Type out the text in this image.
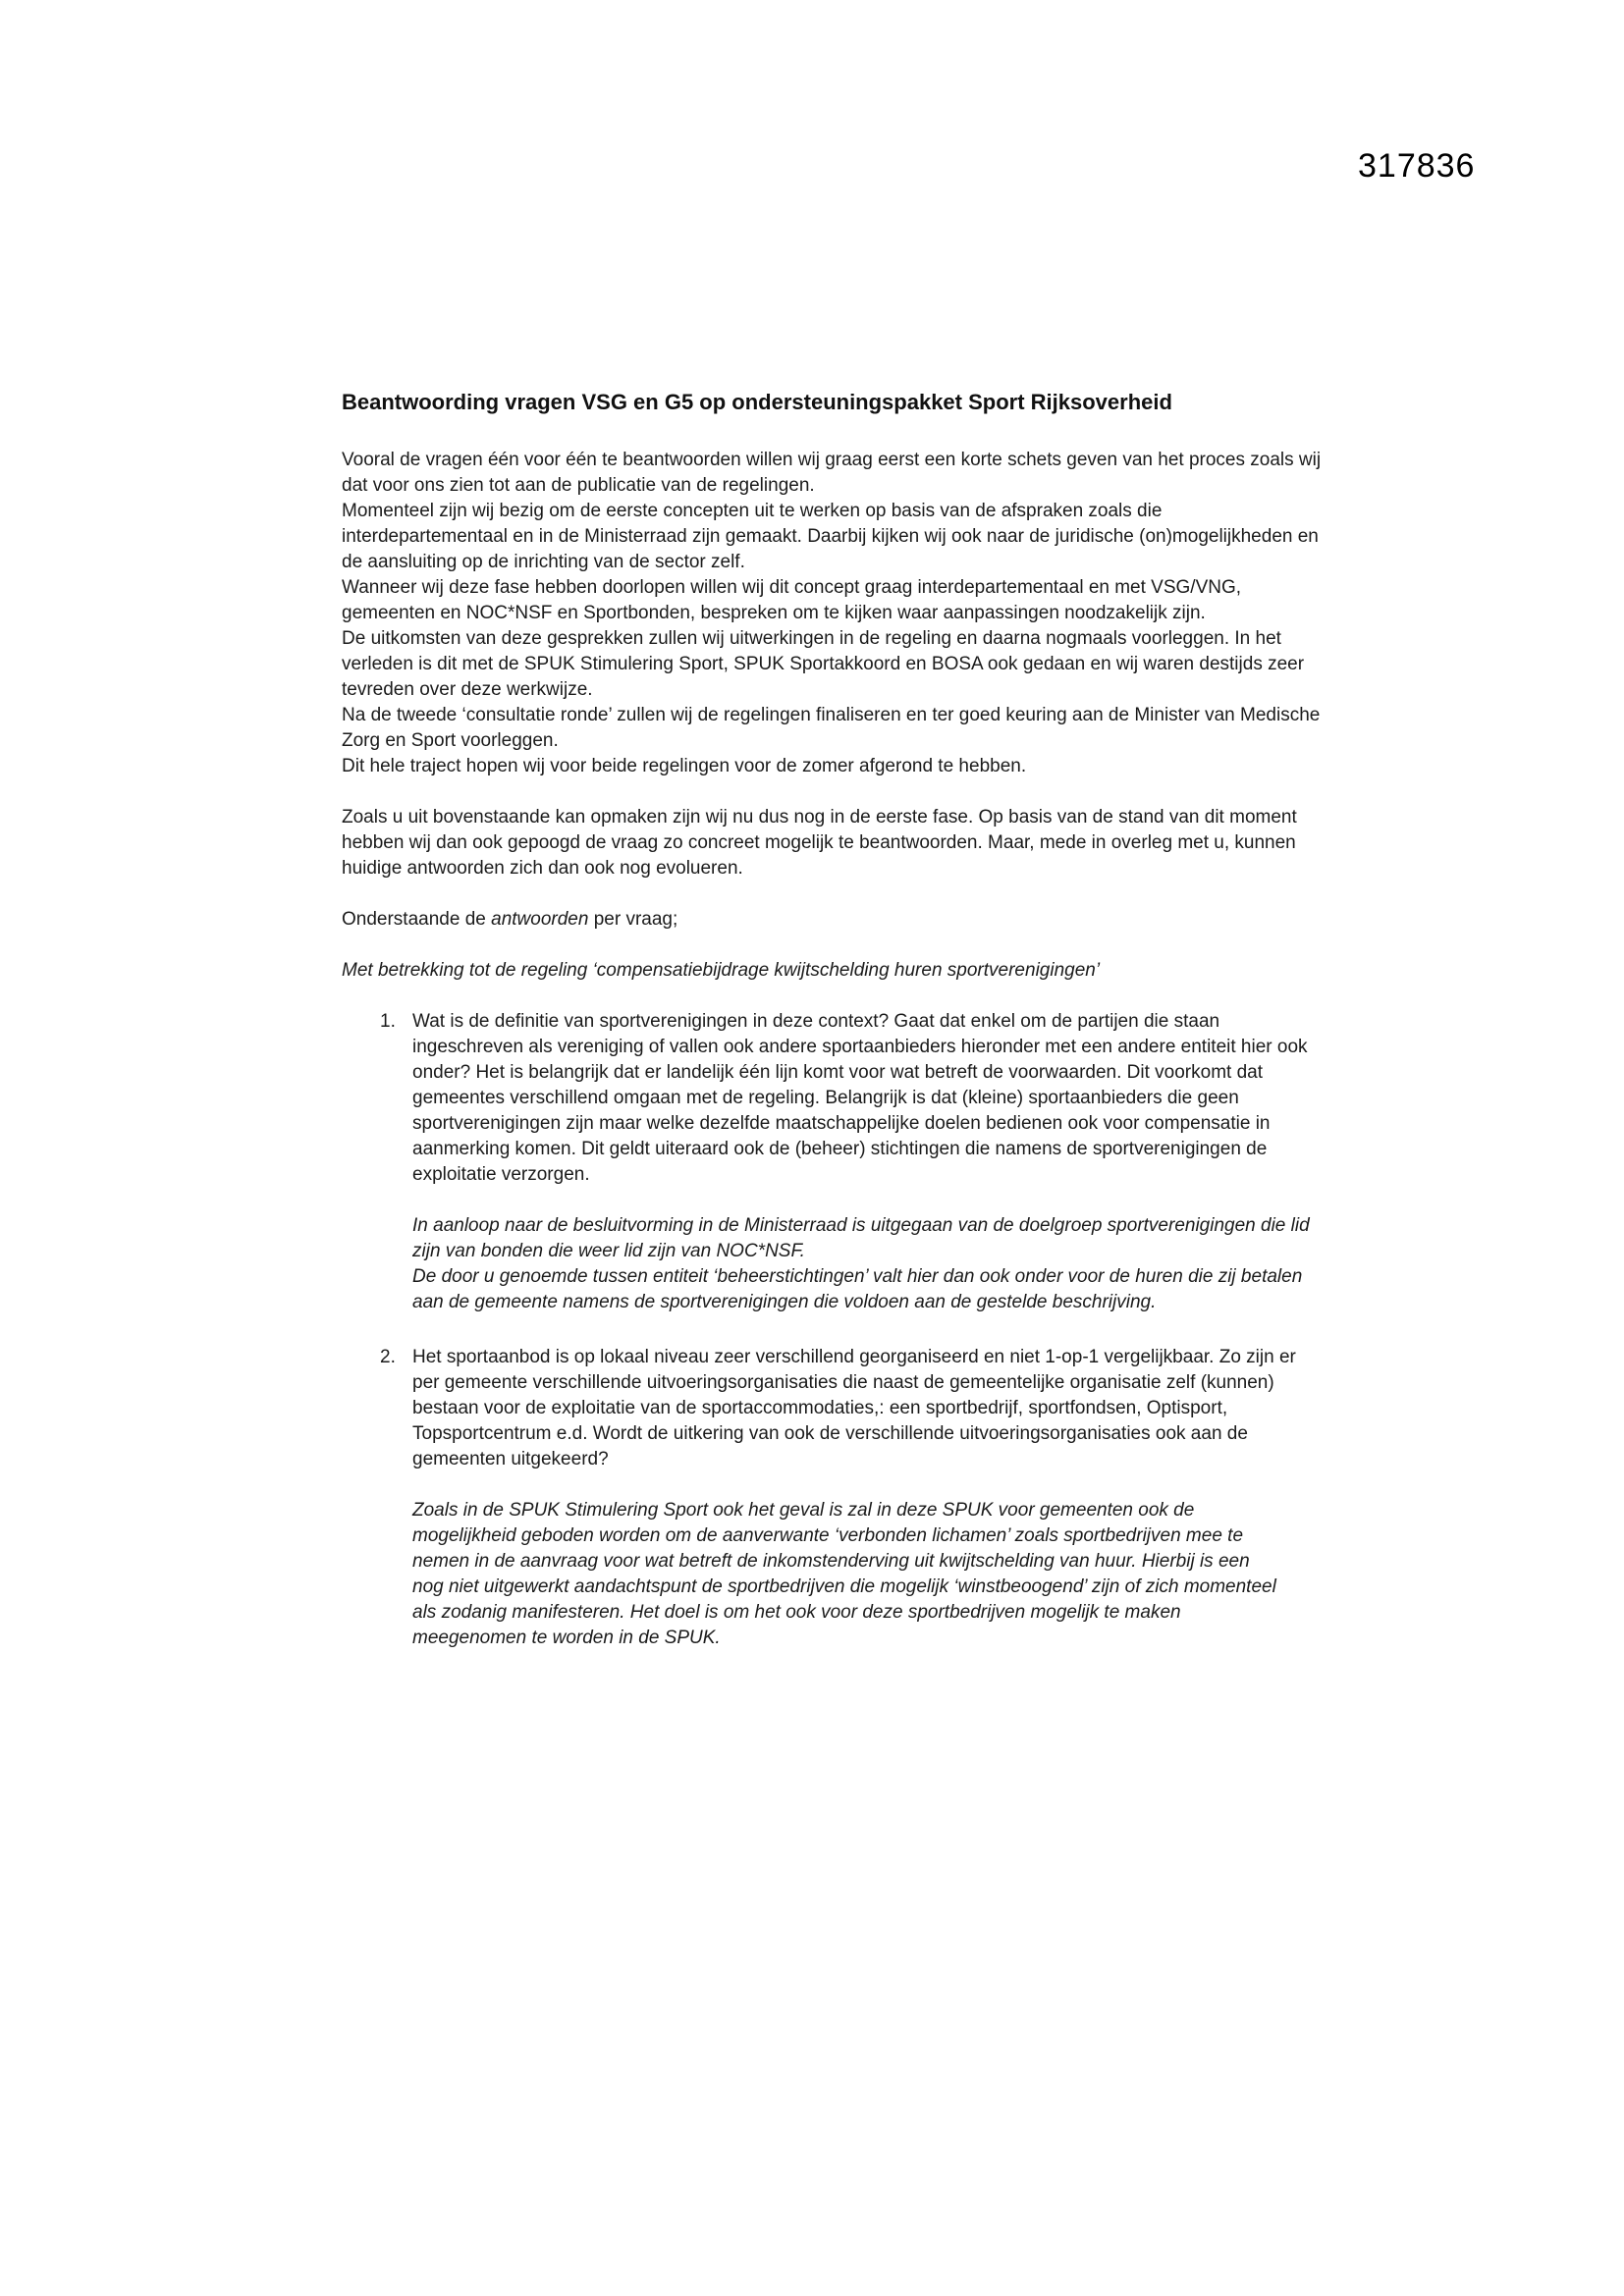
317836
Beantwoording vragen VSG en G5 op ondersteuningspakket Sport Rijksoverheid

Vooral de vragen één voor één te beantwoorden willen wij graag eerst een korte schets geven van het proces zoals wij dat voor ons zien tot aan de publicatie van de regelingen.

Momenteel zijn wij bezig om de eerste concepten uit te werken op basis van de afspraken zoals die interdepartementaal en in de Ministerraad zijn gemaakt. Daarbij kijken wij ook naar de juridische (on)mogelijkheden en de aansluiting op de inrichting van de sector zelf.

Wanneer wij deze fase hebben doorlopen willen wij dit concept graag interdepartementaal en met VSG/VNG, gemeenten en NOC*NSF en Sportbonden, bespreken om te kijken waar aanpassingen noodzakelijk zijn.

De uitkomsten van deze gesprekken zullen wij uitwerkingen in de regeling en daarna nogmaals voorleggen. In het verleden is dit met de SPUK Stimulering Sport, SPUK Sportakkoord en BOSA ook gedaan en wij waren destijds zeer tevreden over deze werkwijze.

Na de tweede ‘consultatie ronde’ zullen wij de regelingen finaliseren en ter goed keuring aan de Minister van Medische Zorg en Sport voorleggen.

Dit hele traject hopen wij voor beide regelingen voor de zomer afgerond te hebben.

Zoals u uit bovenstaande kan opmaken zijn wij nu dus nog in de eerste fase. Op basis van de stand van dit moment hebben wij dan ook gepoogd de vraag zo concreet mogelijk te beantwoorden. Maar, mede in overleg met u, kunnen huidige antwoorden zich dan ook nog evolueren.

Onderstaande de antwoorden per vraag;

Met betrekking tot de regeling ‘compensatiebijdrage kwijtschelding huren sportverenigingen’

1. Wat is de definitie van sportverenigingen in deze context? Gaat dat enkel om de partijen die staan ingeschreven als vereniging of vallen ook andere sportaanbieders hieronder met een andere entiteit hier ook onder? Het is belangrijk dat er landelijk één lijn komt voor wat betreft de voorwaarden. Dit voorkomt dat gemeentes verschillend omgaan met de regeling. Belangrijk is dat (kleine) sportaanbieders die geen sportverenigingen zijn maar welke dezelfde maatschappelijke doelen bedienen ook voor compensatie in aanmerking komen. Dit geldt uiteraard ook de (beheer) stichtingen die namens de sportverenigingen de exploitatie verzorgen.

In aanloop naar de besluitvorming in de Ministerraad is uitgegaan van de doelgroep sportverenigingen die lid zijn van bonden die weer lid zijn van NOC*NSF.

De door u genoemde tussen entiteit ‘beheerstichtingen’ valt hier dan ook onder voor de huren die zij betalen aan de gemeente namens de sportverenigingen die voldoen aan de gestelde beschrijving.

2. Het sportaanbod is op lokaal niveau zeer verschillend georganiseerd en niet 1-op-1 vergelijkbaar. Zo zijn er per gemeente verschillende uitvoeringsorganisaties die naast de gemeentelijke organisatie zelf (kunnen) bestaan voor de exploitatie van de sportaccommodaties,: een sportbedrijf, sportfondsen, Optisport, Topsportcentrum e.d. Wordt de uitkering van ook de verschillende uitvoeringsorganisaties ook aan de gemeenten uitgekeerd?

Zoals in de SPUK Stimulering Sport ook het geval is zal in deze SPUK voor gemeenten ook de mogelijkheid geboden worden om de aanverwante ‘verbonden lichamen’ zoals sportbedrijven mee te nemen in de aanvraag voor wat betreft de inkomstenderving uit kwijtschelding van huur. Hierbij is een nog niet uitgewerkt aandachtspunt de sportbedrijven die mogelijk ‘winstbeoogend’ zijn of zich momenteel als zodanig manifesteren. Het doel is om het ook voor deze sportbedrijven mogelijk te maken meegenomen te worden in de SPUK.
